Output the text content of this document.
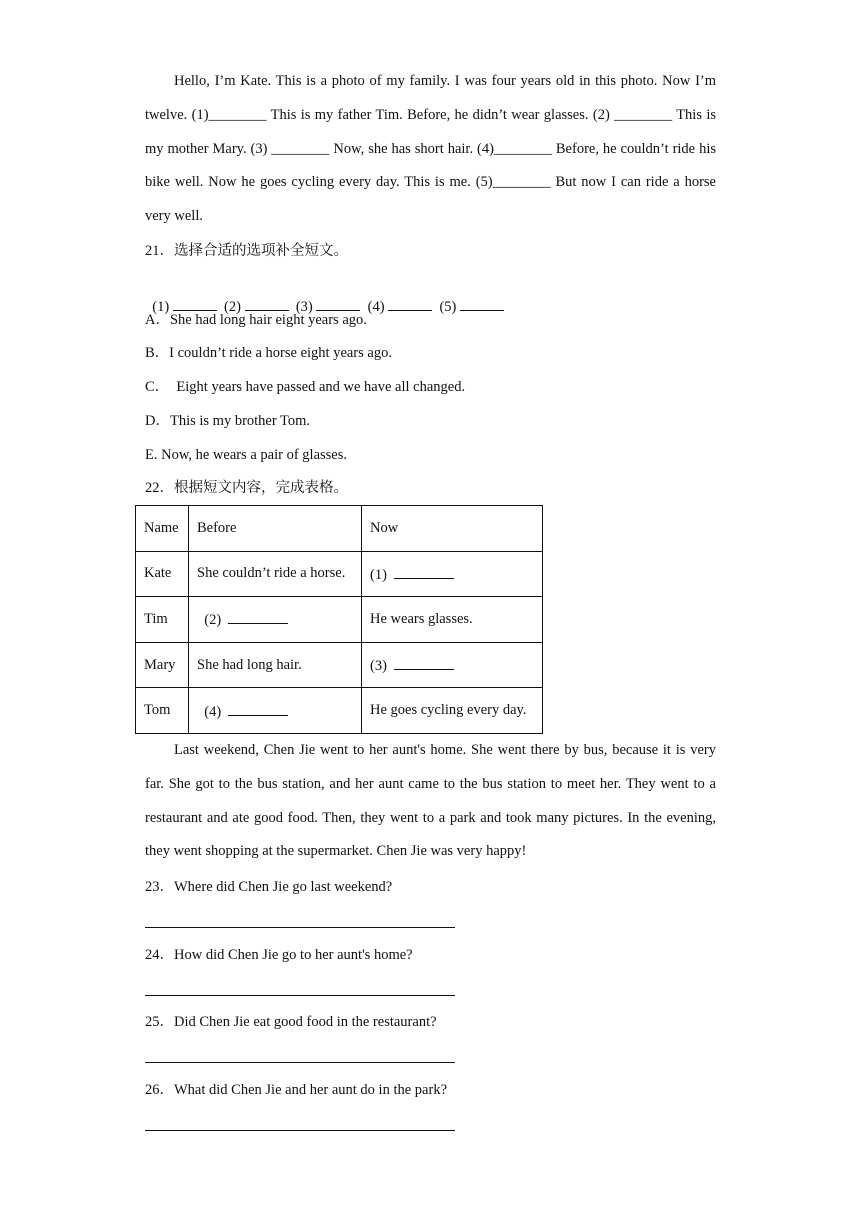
Hello, I’m Kate. This is a photo of my family. I was four years old in this photo. Now I’m twelve. (1)________ This is my father Tim. Before, he didn’t wear glasses. (2) ________ This is my mother Mary. (3) ________ Now, she has short hair. (4)________ Before, he couldn’t ride his bike well. Now he goes cycling every day. This is me. (5)________ But now I can ride a horse very well.

21．选择合适的选项补全短文。

(1)	(2)	(3)	(4)	(5)

A．She had long hair eight years ago.
B．I couldn’t ride a horse eight years ago.
C．  Eight years have passed and we have all changed.
D．This is my brother Tom.
E. Now, he wears a pair of glasses.
22．根据短文内容，完成表格。
Name	Before	Now
Kate	She couldn’t ride a horse.	(1)
Tim	(2)	He wears glasses.
Mary	She had long hair.	(3)
Tom	(4)	He goes cycling every day.

Last weekend, Chen Jie went to her aunt's home. She went there by bus, because it is very far. She got to the bus station, and her aunt came to the bus station to meet her. They went to a restaurant and ate good food. Then, they went to a park and took many pictures. In the evening, they went shopping at the supermarket. Chen Jie was very happy!

23．Where did Chen Jie go last weekend?
24．How did Chen Jie go to her aunt's home?
25．Did Chen Jie eat good food in the restaurant?
26．What did Chen Jie and her aunt do in the park?
